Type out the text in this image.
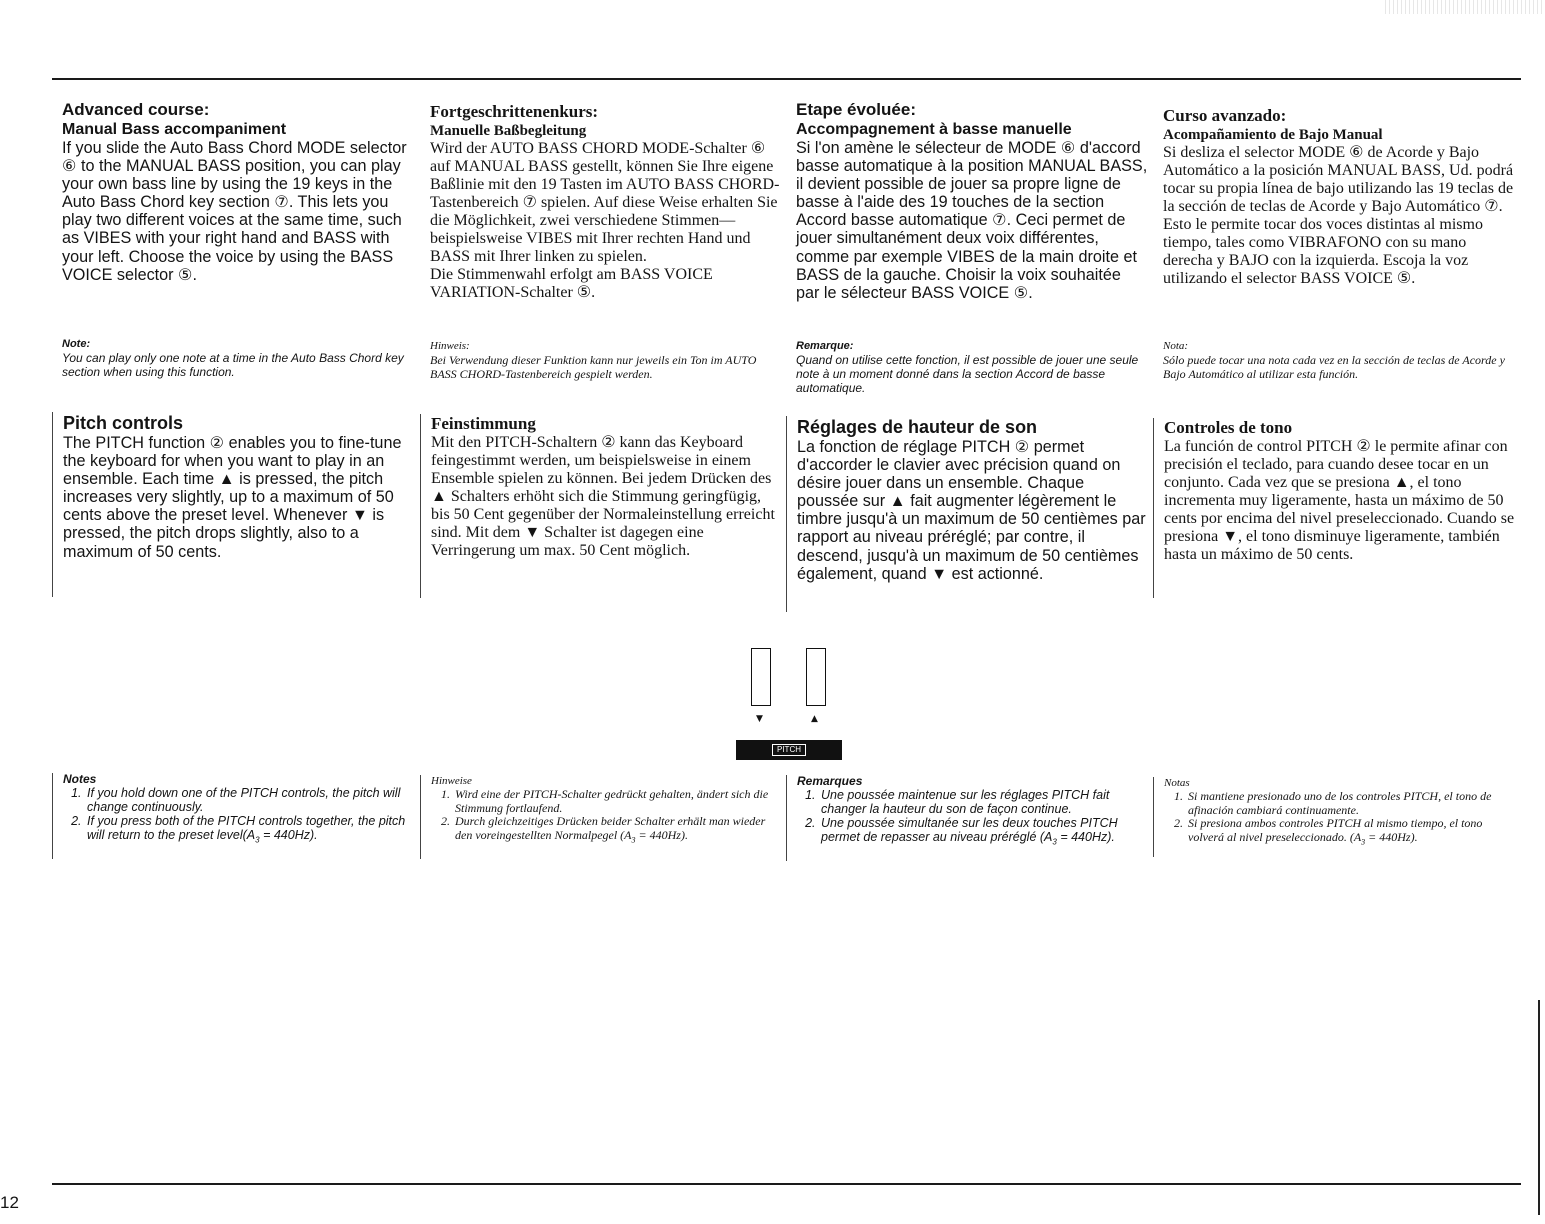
Advanced course:
Manual Bass accompaniment

If you slide the Auto Bass Chord MODE selector ⑥ to the MANUAL BASS position, you can play your own bass line by using the 19 keys in the Auto Bass Chord key section ⑦. This lets you play two different voices at the same time, such as VIBES with your right hand and BASS with your left. Choose the voice by using the BASS VOICE selector ⑤.

Note:

You can play only one note at a time in the Auto Bass Chord key section when using this function.

Pitch controls

The PITCH function ② enables you to fine-tune the keyboard for when you want to play in an ensemble. Each time ▲ is pressed, the pitch increases very slightly, up to a maximum of 50 cents above the preset level. Whenever ▼ is pressed, the pitch drops slightly, also to a maximum of 50 cents.

Fortgeschrittenenkurs:
Manuelle Baßbegleitung

Wird der AUTO BASS CHORD MODE-Schalter ⑥ auf MANUAL BASS gestellt, können Sie Ihre eigene Baßlinie mit den 19 Tasten im AUTO BASS CHORD-Tastenbereich ⑦ spielen. Auf diese Weise erhalten Sie die Möglichkeit, zwei verschiedene Stimmen—beispielsweise VIBES mit Ihrer rechten Hand und BASS mit Ihrer linken zu spielen.

Die Stimmenwahl erfolgt am BASS VOICE VARIATION-Schalter ⑤.

Hinweis:

Bei Verwendung dieser Funktion kann nur jeweils ein Ton im AUTO BASS CHORD-Tastenbereich gespielt werden.

Feinstimmung

Mit den PITCH-Schaltern ② kann das Keyboard feingestimmt werden, um beispielsweise in einem Ensemble spielen zu können. Bei jedem Drücken des ▲ Schalters erhöht sich die Stimmung geringfügig, bis 50 Cent gegenüber der Normaleinstellung erreicht sind. Mit dem ▼ Schalter ist dagegen eine Verringerung um max. 50 Cent möglich.

Etape évoluée:
Accompagnement à basse manuelle

Si l'on amène le sélecteur de MODE ⑥ d'accord basse automatique à la position MANUAL BASS, il devient possible de jouer sa propre ligne de basse à l'aide des 19 touches de la section Accord basse automatique ⑦. Ceci permet de jouer simultanément deux voix différentes, comme par exemple VIBES de la main droite et BASS de la gauche. Choisir la voix souhaitée par le sélecteur BASS VOICE ⑤.

Remarque:

Quand on utilise cette fonction, il est possible de jouer une seule note à un moment donné dans la section Accord de basse automatique.

Réglages de hauteur de son

La fonction de réglage PITCH ② permet d'accorder le clavier avec précision quand on désire jouer dans un ensemble. Chaque poussée sur ▲ fait augmenter légèrement le timbre jusqu'à un maximum de 50 centièmes par rapport au niveau préréglé; par contre, il descend, jusqu'à un maximum de 50 centièmes également, quand ▼ est actionné.

Curso avanzado:
Acompañamiento de Bajo Manual

Si desliza el selector MODE ⑥ de Acorde y Bajo Automático a la posición MANUAL BASS, Ud. podrá tocar su propia línea de bajo utilizando las 19 teclas de la sección de teclas de Acorde y Bajo Automático ⑦. Esto le permite tocar dos voces distintas al mismo tiempo, tales como VIBRAFONO con su mano derecha y BAJO con la izquierda. Escoja la voz utilizando el selector BASS VOICE ⑤.

Nota:

Sólo puede tocar una nota cada vez en la sección de teclas de Acorde y Bajo Automático al utilizar esta función.

Controles de tono

La función de control PITCH ② le permite afinar con precisión el teclado, para cuando desee tocar en un conjunto. Cada vez que se presiona ▲, el tono incrementa muy ligeramente, hasta un máximo de 50 cents por encima del nivel preseleccionado. Cuando se presiona ▼, el tono disminuye ligeramente, también hasta un máximo de 50 cents.

▼	▲
PITCH

Notes

1. If you hold down one of the PITCH controls, the pitch will change continuously.
2. If you press both of the PITCH controls together, the pitch will return to the preset $level(A_3 = 440Hz)$.

Hinweise

1. Wird eine der PITCH-Schalter gedrückt gehalten, ändert sich die Stimmung fortlaufend.
2. Durch gleichzeitiges Drücken beider Schalter erhält man wieder den voreingestellten Normalpegel $(A_3 = 440Hz)$.

Remarques

1. Une poussée maintenue sur les réglages PITCH fait changer la hauteur du son de façon continue.
2. Une poussée simultanée sur les deux touches PITCH permet de repasser au niveau préréglé $(A_3 = 440Hz)$.

Notas

1. Si mantiene presionado uno de los controles PITCH, el tono de afinación cambiará continuamente.
2. Si presiona ambos controles PITCH al mismo tiempo, el tono volverá al nivel preseleccionado. $(A_3 = 440Hz)$.
12
